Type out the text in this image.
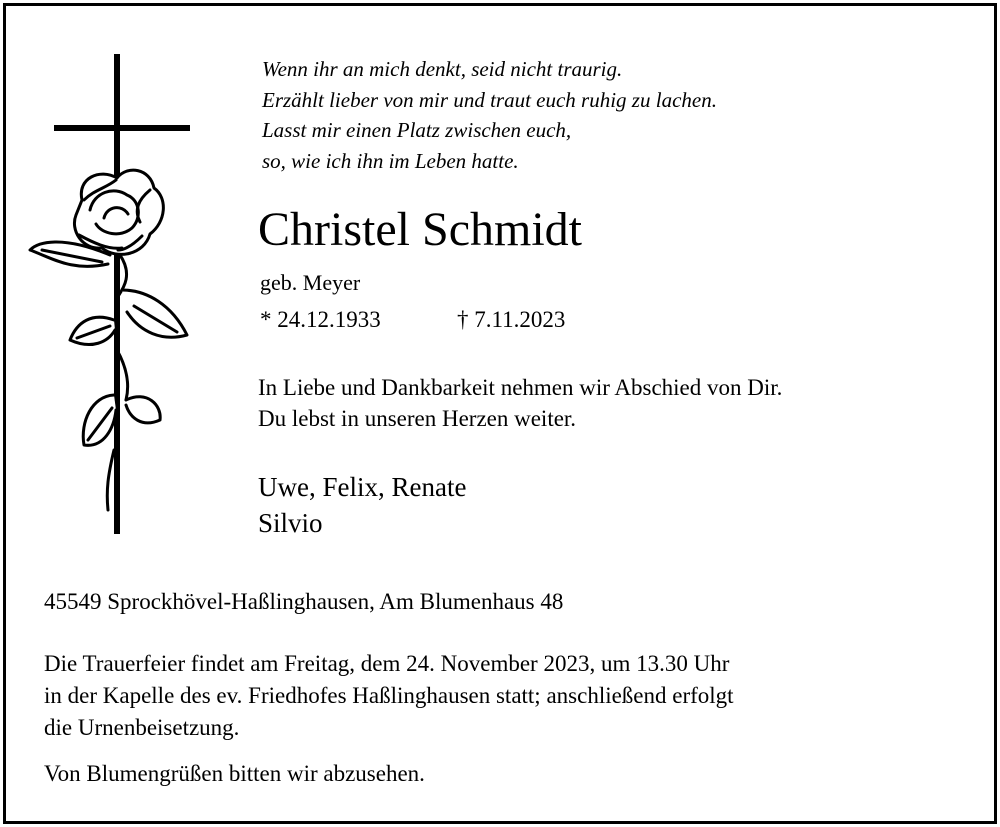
Wenn ihr an mich denkt, seid nicht traurig.
Erzählt lieber von mir und traut euch ruhig zu lachen.
Lasst mir einen Platz zwischen euch,
so, wie ich ihn im Leben hatte.
Christel Schmidt
geb. Meyer
* 24.12.1933	† 7.11.2023
In Liebe und Dankbarkeit nehmen wir Abschied von Dir.
Du lebst in unseren Herzen weiter.
Uwe, Felix, Renate
Silvio
45549 Sprockhövel-Haßlinghausen, Am Blumenhaus 48
Die Trauerfeier findet am Freitag, dem 24. November 2023, um 13.30 Uhr
in der Kapelle des ev. Friedhofes Haßlinghausen statt; anschließend erfolgt
die Urnenbeisetzung.
Von Blumengrüßen bitten wir abzusehen.
